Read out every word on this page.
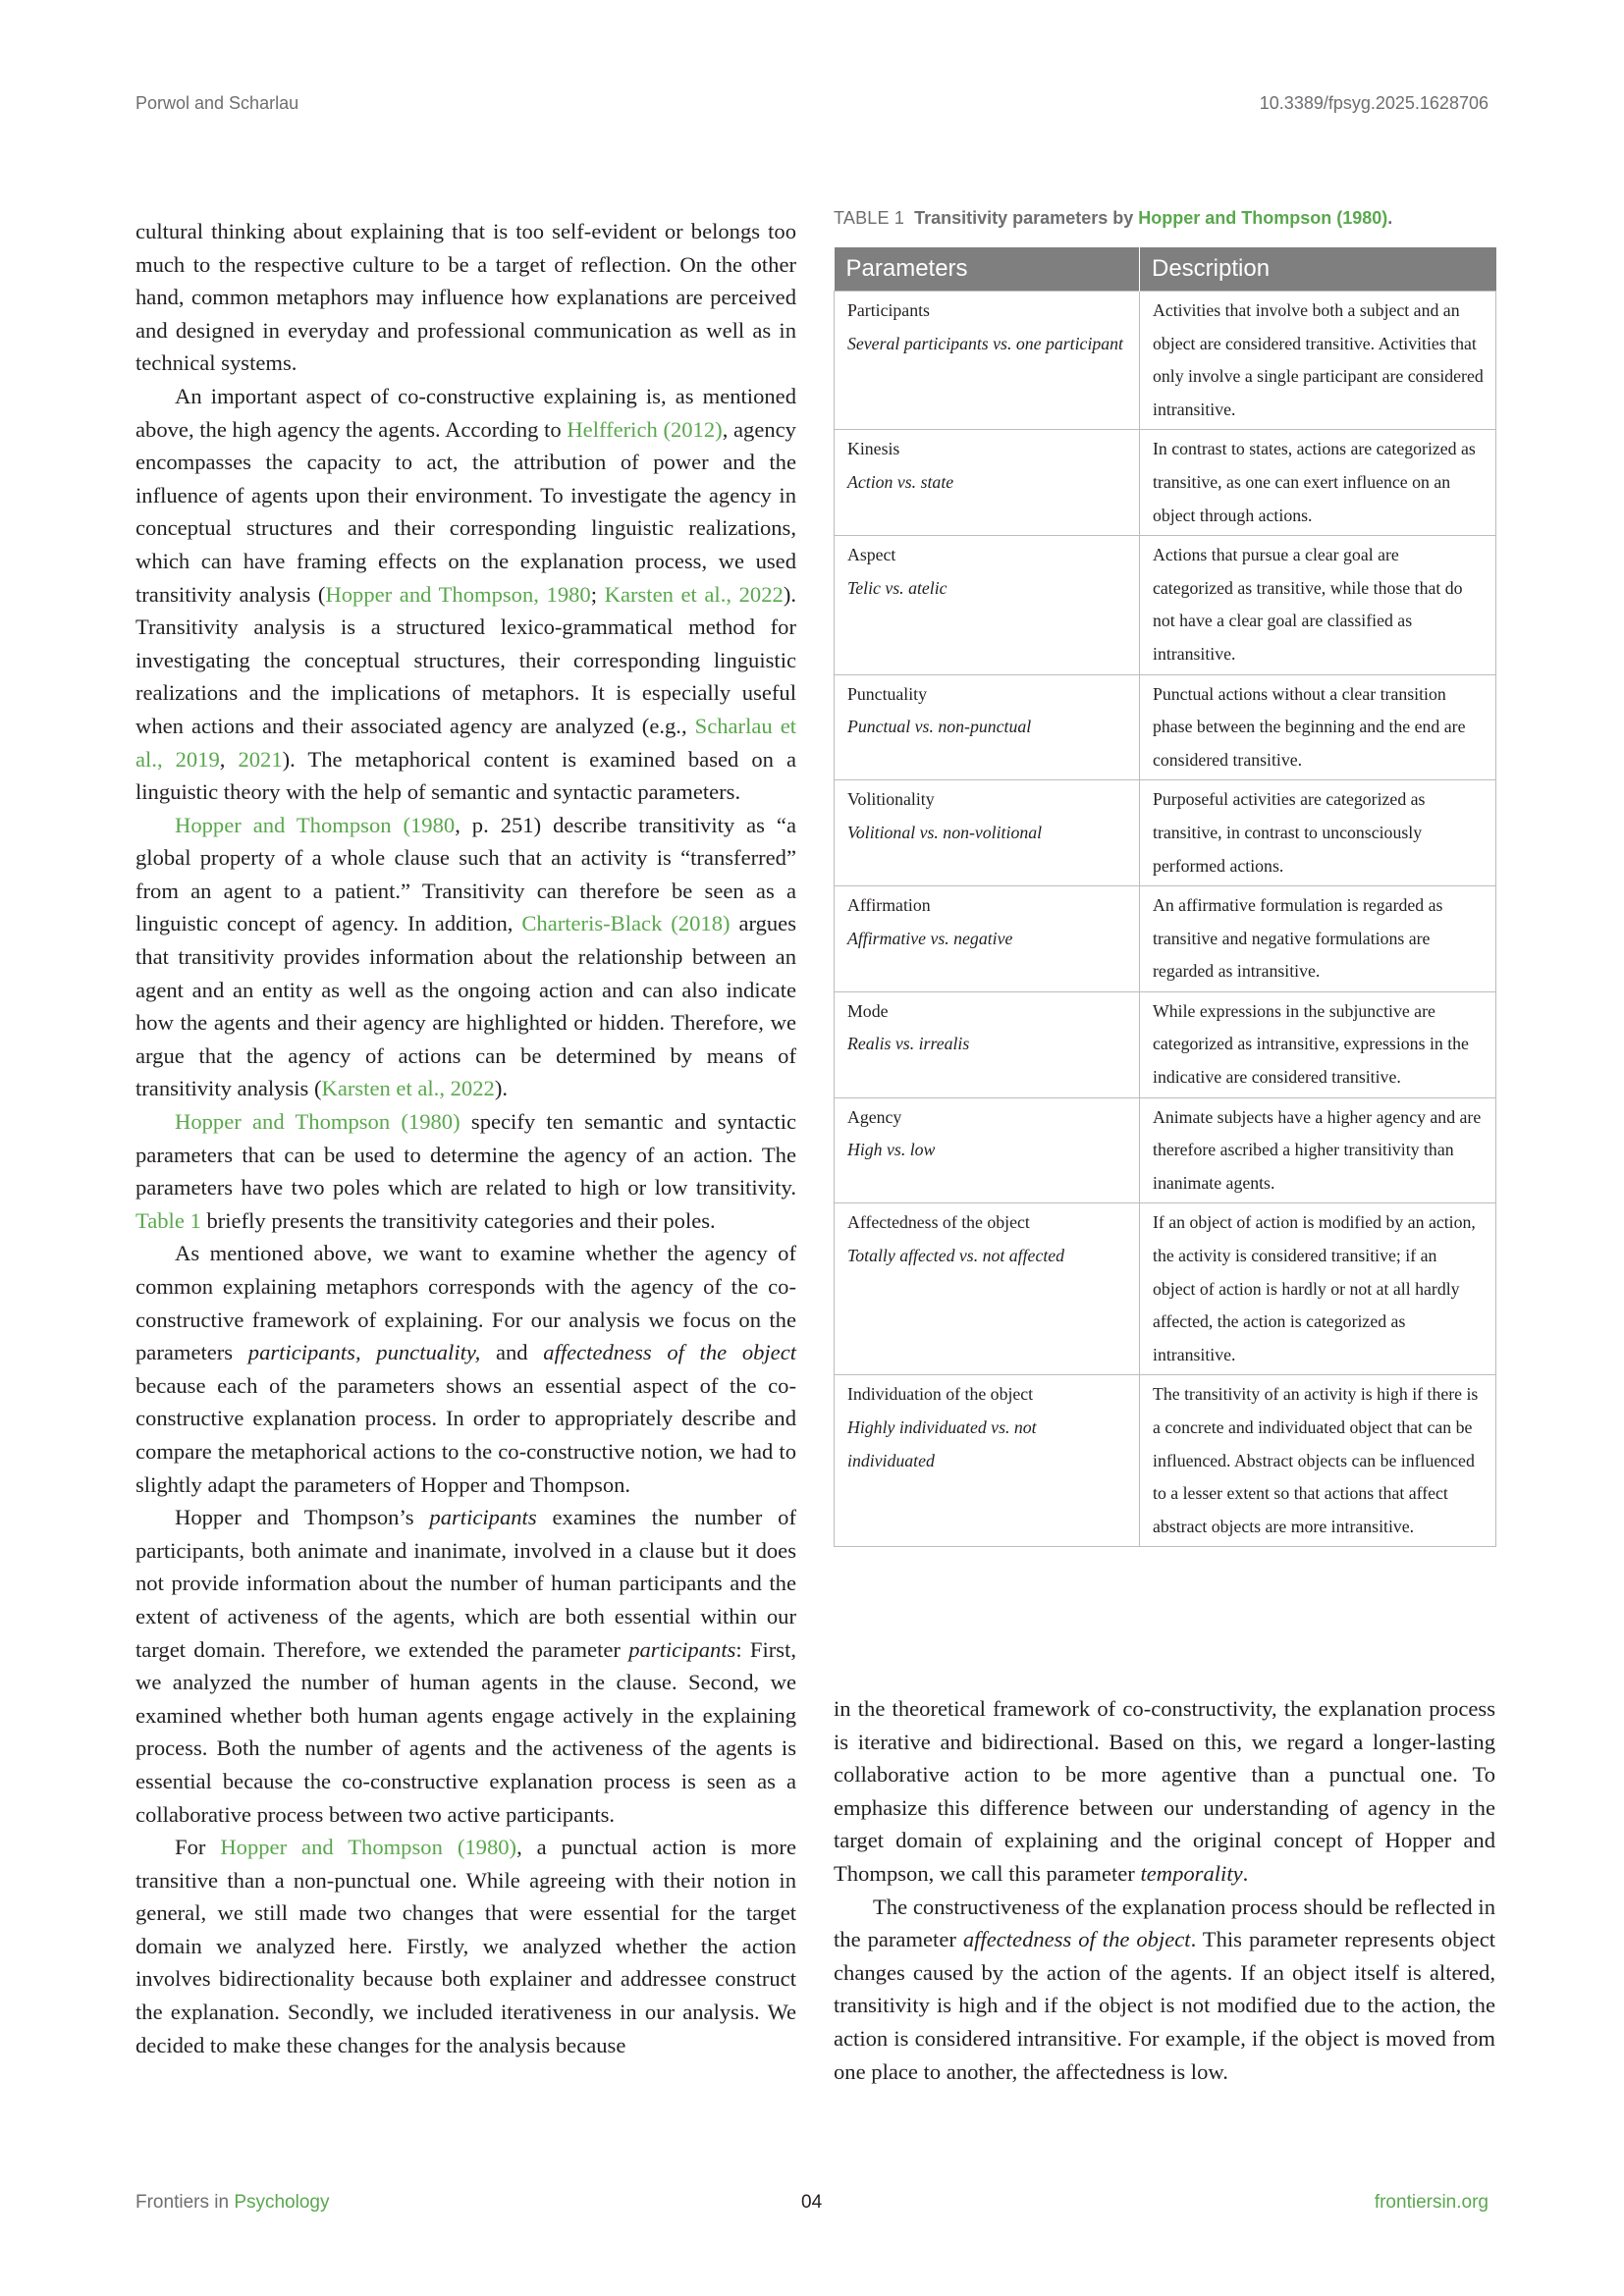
Porwol and Scharlau	10.3389/fpsyg.2025.1628706

cultural thinking about explaining that is too self-evident or belongs too much to the respective culture to be a target of reflection. On the other hand, common metaphors may influence how explanations are perceived and designed in everyday and professional communication as well as in technical systems.

An important aspect of co-constructive explaining is, as mentioned above, the high agency the agents. According to Helfferich (2012), agency encompasses the capacity to act, the attribution of power and the influence of agents upon their environment. To investigate the agency in conceptual structures and their corresponding linguistic realizations, which can have framing effects on the explanation process, we used transitivity analysis (Hopper and Thompson, 1980; Karsten et al., 2022). Transitivity analysis is a structured lexico-grammatical method for investigating the conceptual structures, their corresponding linguistic realizations and the implications of metaphors. It is especially useful when actions and their associated agency are analyzed (e.g., Scharlau et al., 2019, 2021). The metaphorical content is examined based on a linguistic theory with the help of semantic and syntactic parameters.

Hopper and Thompson (1980, p. 251) describe transitivity as “a global property of a whole clause such that an activity is “transferred” from an agent to a patient.” Transitivity can therefore be seen as a linguistic concept of agency. In addition, Charteris-Black (2018) argues that transitivity provides information about the relationship between an agent and an entity as well as the ongoing action and can also indicate how the agents and their agency are highlighted or hidden. Therefore, we argue that the agency of actions can be determined by means of transitivity analysis (Karsten et al., 2022).

Hopper and Thompson (1980) specify ten semantic and syntactic parameters that can be used to determine the agency of an action. The parameters have two poles which are related to high or low transitivity. Table 1 briefly presents the transitivity categories and their poles.

As mentioned above, we want to examine whether the agency of common explaining metaphors corresponds with the agency of the co-constructive framework of explaining. For our analysis we focus on the parameters participants, punctuality, and affectedness of the object because each of the parameters shows an essential aspect of the co-constructive explanation process. In order to appropriately describe and compare the metaphorical actions to the co-constructive notion, we had to slightly adapt the parameters of Hopper and Thompson.

Hopper and Thompson’s participants examines the number of participants, both animate and inanimate, involved in a clause but it does not provide information about the number of human participants and the extent of activeness of the agents, which are both essential within our target domain. Therefore, we extended the parameter participants: First, we analyzed the number of human agents in the clause. Second, we examined whether both human agents engage actively in the explaining process. Both the number of agents and the activeness of the agents is essential because the co-constructive explanation process is seen as a collaborative process between two active participants.

For Hopper and Thompson (1980), a punctual action is more transitive than a non-punctual one. While agreeing with their notion in general, we still made two changes that were essential for the target domain we analyzed here. Firstly, we analyzed whether the action involves bidirectionality because both explainer and addressee construct the explanation. Secondly, we included iterativeness in our analysis. We decided to make these changes for the analysis because

TABLE 1 Transitivity parameters by Hopper and Thompson (1980).
Parameters	Description

Participants
Several participants vs. one participant	Activities that involve both a subject and an object are considered transitive. Activities that only involve a single participant are considered intransitive.

Kinesis
Action vs. state	In contrast to states, actions are categorized as transitive, as one can exert influence on an object through actions.

Aspect
Telic vs. atelic	Actions that pursue a clear goal are categorized as transitive, while those that do not have a clear goal are classified as intransitive.

Punctuality
Punctual vs. non-punctual	Punctual actions without a clear transition phase between the beginning and the end are considered transitive.

Volitionality
Volitional vs. non-volitional	Purposeful activities are categorized as transitive, in contrast to unconsciously performed actions.

Affirmation
Affirmative vs. negative	An affirmative formulation is regarded as transitive and negative formulations are regarded as intransitive.

Mode
Realis vs. irrealis	While expressions in the subjunctive are categorized as intransitive, expressions in the indicative are considered transitive.

Agency
High vs. low	Animate subjects have a higher agency and are therefore ascribed a higher transitivity than inanimate agents.

Affectedness of the object
Totally affected vs. not affected	If an object of action is modified by an action, the activity is considered transitive; if an object of action is hardly or not at all hardly affected, the action is categorized as intransitive.

Individuation of the object
Highly individuated vs. not individuated	The transitivity of an activity is high if there is a concrete and individuated object that can be influenced. Abstract objects can be influenced to a lesser extent so that actions that affect abstract objects are more intransitive.

in the theoretical framework of co-constructivity, the explanation process is iterative and bidirectional. Based on this, we regard a longer-lasting collaborative action to be more agentive than a punctual one. To emphasize this difference between our understanding of agency in the target domain of explaining and the original concept of Hopper and Thompson, we call this parameter temporality.

The constructiveness of the explanation process should be reflected in the parameter affectedness of the object. This parameter represents object changes caused by the action of the agents. If an object itself is altered, transitivity is high and if the object is not modified due to the action, the action is considered intransitive. For example, if the object is moved from one place to another, the affectedness is low.

Frontiers in Psychology	04	frontiersin.org
